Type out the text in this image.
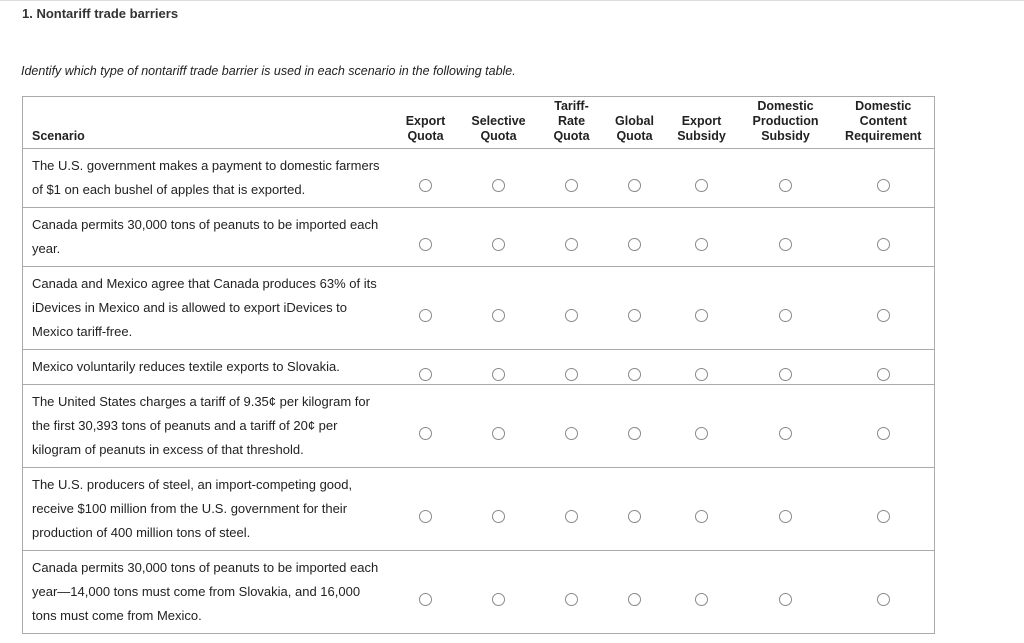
1. Nontariff trade barriers
Identify which type of nontariff trade barrier is used in each scenario in the following table.
Scenario	Export Quota	Selective Quota	Tariff-Rate Quota	Global Quota	Export Subsidy	Domestic Production Subsidy	Domestic Content Requirement
The U.S. government makes a payment to domestic farmers of $1 on each bushel of apples that is exported.							
Canada permits 30,000 tons of peanuts to be imported each year.							
Canada and Mexico agree that Canada produces 63% of its iDevices in Mexico and is allowed to export iDevices to Mexico tariff-free.							
Mexico voluntarily reduces textile exports to Slovakia.							
The United States charges a tariff of 9.35¢ per kilogram for the first 30,393 tons of peanuts and a tariff of 20¢ per kilogram of peanuts in excess of that threshold.							
The U.S. producers of steel, an import-competing good, receive $100 million from the U.S. government for their production of 400 million tons of steel.							
Canada permits 30,000 tons of peanuts to be imported each year—14,000 tons must come from Slovakia, and 16,000 tons must come from Mexico.							
